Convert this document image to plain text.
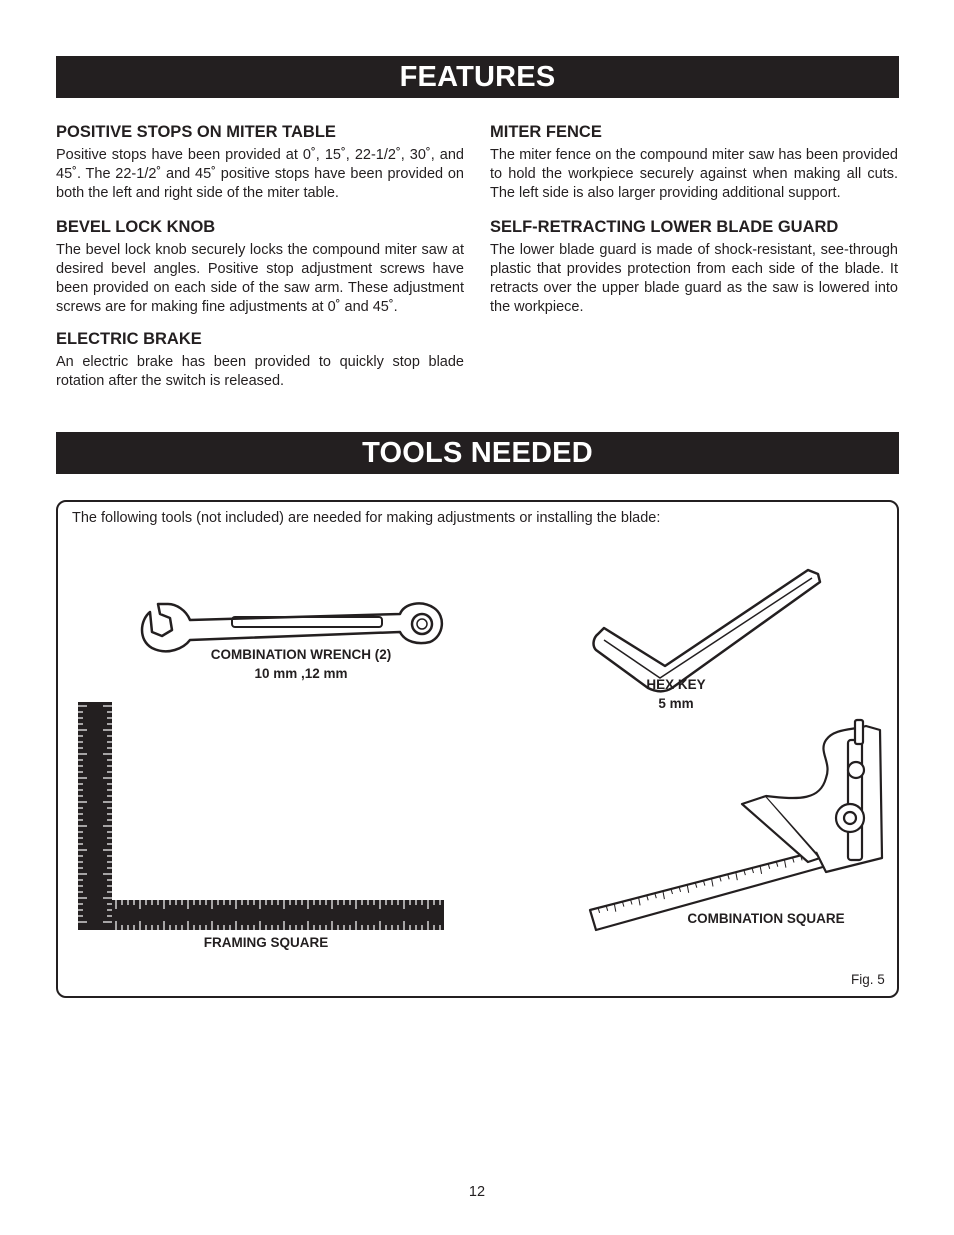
FEATURES
POSITIVE STOPS ON MITER TABLE

Positive stops have been provided at 0˚, 15˚, 22-1/2˚, 30˚, and 45˚. The 22-1/2˚ and 45˚ positive stops have been provided on both the left and right side of the miter table.

BEVEL LOCK KNOB

The bevel lock knob securely locks the compound miter saw at desired bevel angles. Positive stop adjustment screws have been provided on each side of the saw arm. These adjustment screws are for making fine adjustments at 0˚ and 45˚.

ELECTRIC BRAKE

An electric brake has been provided to quickly stop blade rotation after the switch is released.

MITER FENCE

The miter fence on the compound miter saw has been provided to hold the workpiece securely against when making all cuts. The left side is also larger providing additional support.

SELF-RETRACTING LOWER BLADE GUARD

The lower blade guard is made of shock-resistant, see-through plastic that provides protection from each side of the blade. It retracts over the upper blade guard as the saw is lowered into the workpiece.

TOOLS NEEDED
The following tools (not included) are needed for making adjustments or installing the blade:
COMBINATION WRENCH (2)
10 mm ,12 mm
HEX KEY
5 mm
FRAMING SQUARE
COMBINATION SQUARE
Fig. 5
12
